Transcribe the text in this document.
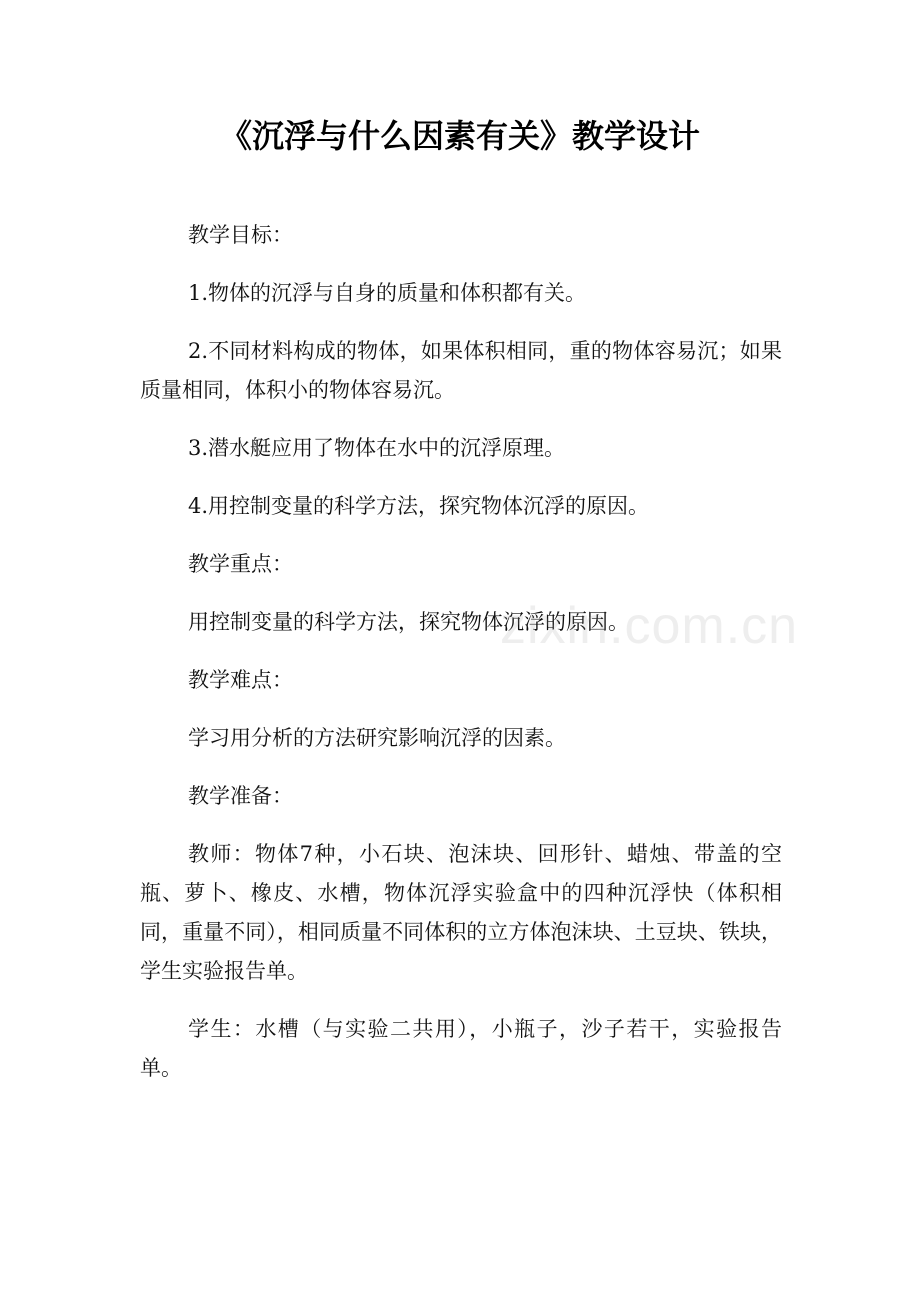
《沉浮与什么因素有关》教学设计

教学目标：

1.物体的沉浮与自身的质量和体积都有关。

2.不同材料构成的物体，如果体积相同，重的物体容易沉；如果质量相同，体积小的物体容易沉。

3.潜水艇应用了物体在水中的沉浮原理。

4.用控制变量的科学方法，探究物体沉浮的原因。

教学重点：

用控制变量的科学方法，探究物体沉浮的原因。

教学难点：

学习用分析的方法研究影响沉浮的因素。

教学准备：

教师：物体7种，小石块、泡沫块、回形针、蜡烛、带盖的空瓶、萝卜、橡皮、水槽，物体沉浮实验盒中的四种沉浮快（体积相同，重量不同），相同质量不同体积的立方体泡沫块、土豆块、铁块，学生实验报告单。

学生：水槽（与实验二共用），小瓶子，沙子若干，实验报告单。

zixin.com.cn
